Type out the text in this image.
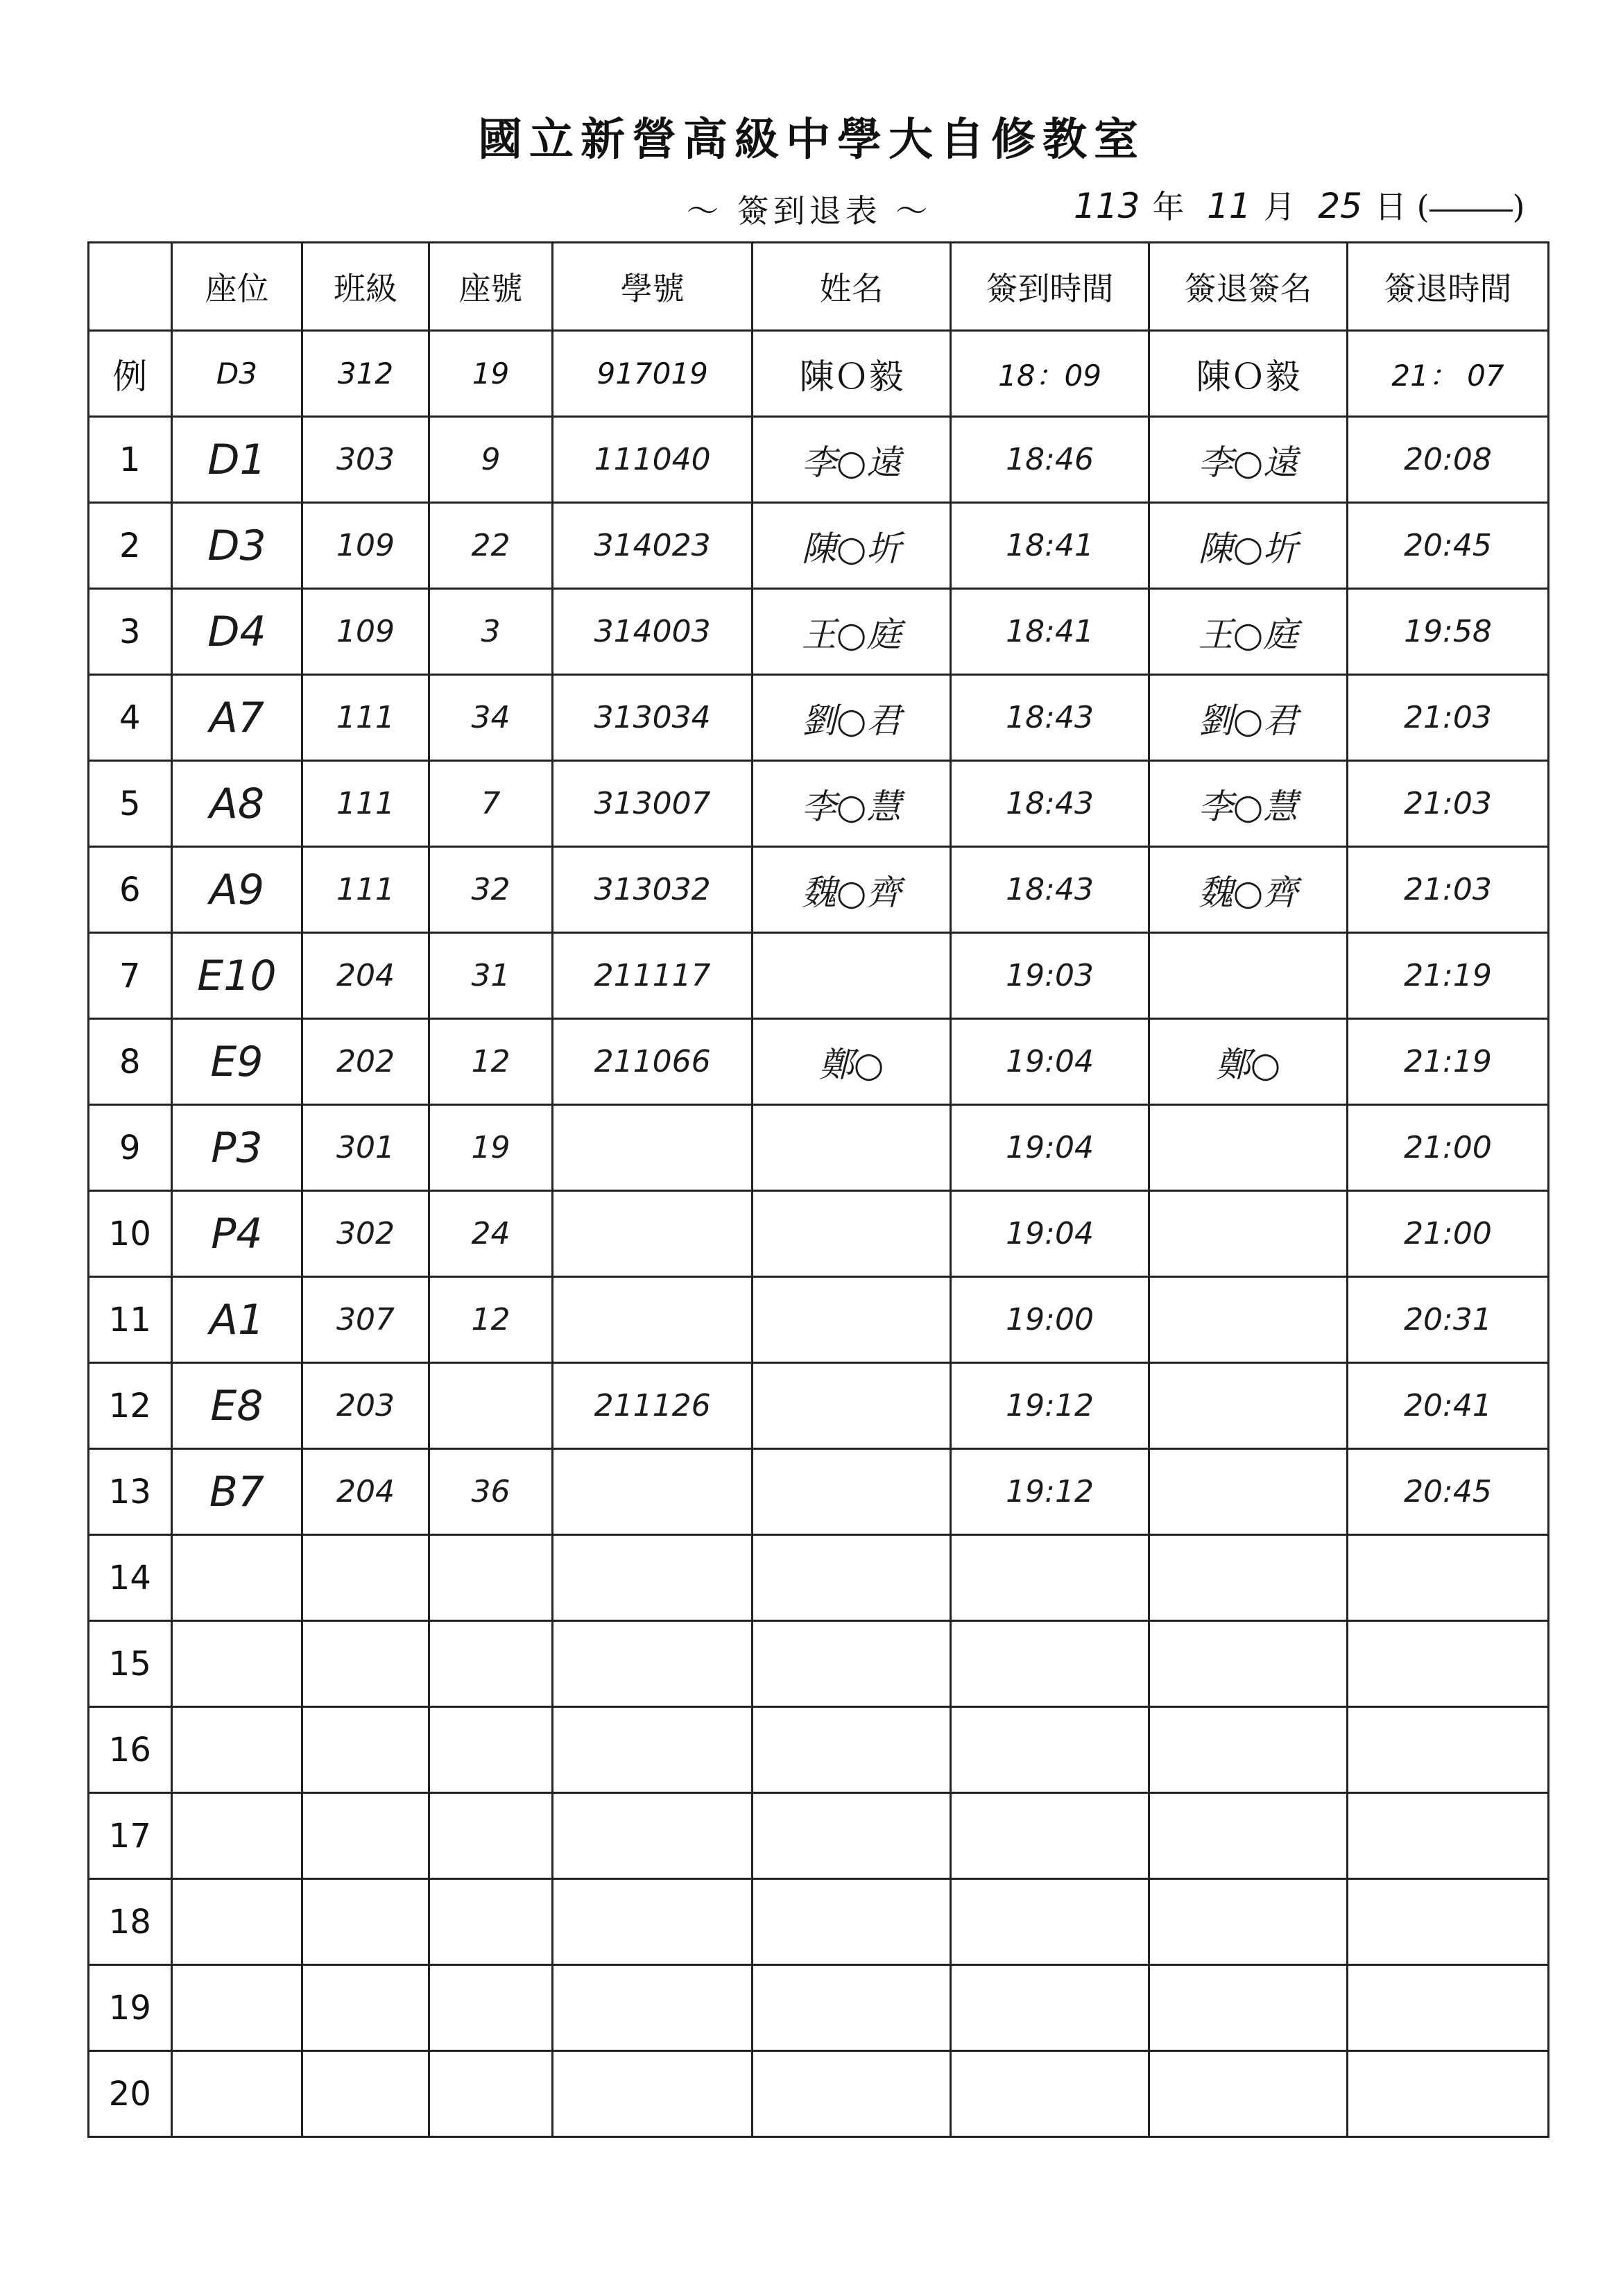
國立新營高級中學大自修教室
～ 簽到退表 ～	113 年 11 月 25 日 (	)
	座位	班級	座號	學號	姓名	簽到時間	簽退簽名	簽退時間
例	D3	312	19	917019	陳Ｏ毅	18：09	陳Ｏ毅	21： 07
1	D1	303	9	111040	李○遠	18:46	李○遠	20:08
2	D3	109	22	314023	陳○圻	18:41	陳○圻	20:45
3	D4	109	3	314003	王○庭	18:41	王○庭	19:58
4	A7	111	34	313034	劉○君	18:43	劉○君	21:03
5	A8	111	7	313007	李○慧	18:43	李○慧	21:03
6	A9	111	32	313032	魏○齊	18:43	魏○齊	21:03
7	E10	204	31	211117		19:03		21:19
8	E9	202	12	211066	鄭○	19:04	鄭○	21:19
9	P3	301	19			19:04		21:00
10	P4	302	24			19:04		21:00
11	A1	307	12			19:00		20:31
12	E8	203		211126		19:12		20:41
13	B7	204	36			19:12		20:45
14								
15								
16								
17								
18								
19								
20								
